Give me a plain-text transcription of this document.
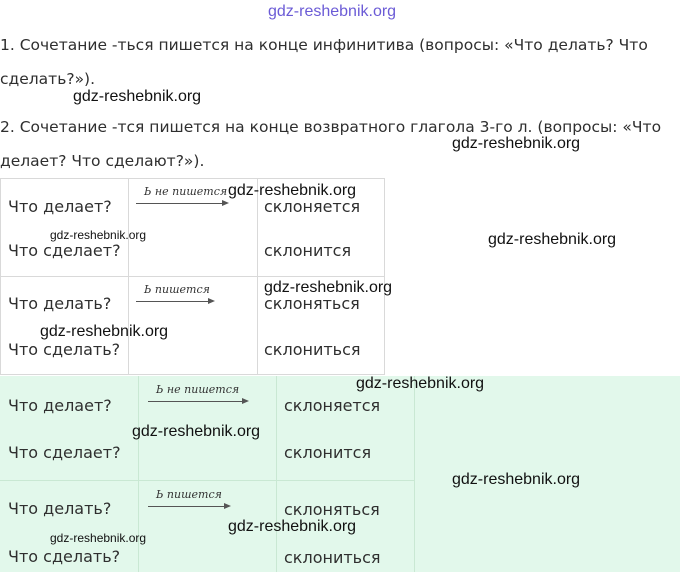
gdz-reshebnik.org
1. Сочетание -ться пишется на конце инфинитива (вопросы: «Что делать? Что
сделать?»).
gdz-reshebnik.org
2. Сочетание -тся пишется на конце возвратного глагола 3-го л. (вопросы: «Что
gdz-reshebnik.org
делает? Что сделают?»).
Что делает?
Что сделает?
Ь не пишется
склоняется
склонится
Что делать?
Что сделать?
Ь пишется
склоняться
склониться
gdz-reshebnik.org
gdz-reshebnik.org	gdz-reshebnik.org
gdz-reshebnik.org
gdz-reshebnik.org
Что делает?
Что сделает?
Ь не пишется
склоняется
склонится
Что делать?
Что сделать?
Ь пишется
склоняться
склониться
gdz-reshebnik.org
gdz-reshebnik.org
gdz-reshebnik.org
gdz-reshebnik.org
gdz-reshebnik.org
